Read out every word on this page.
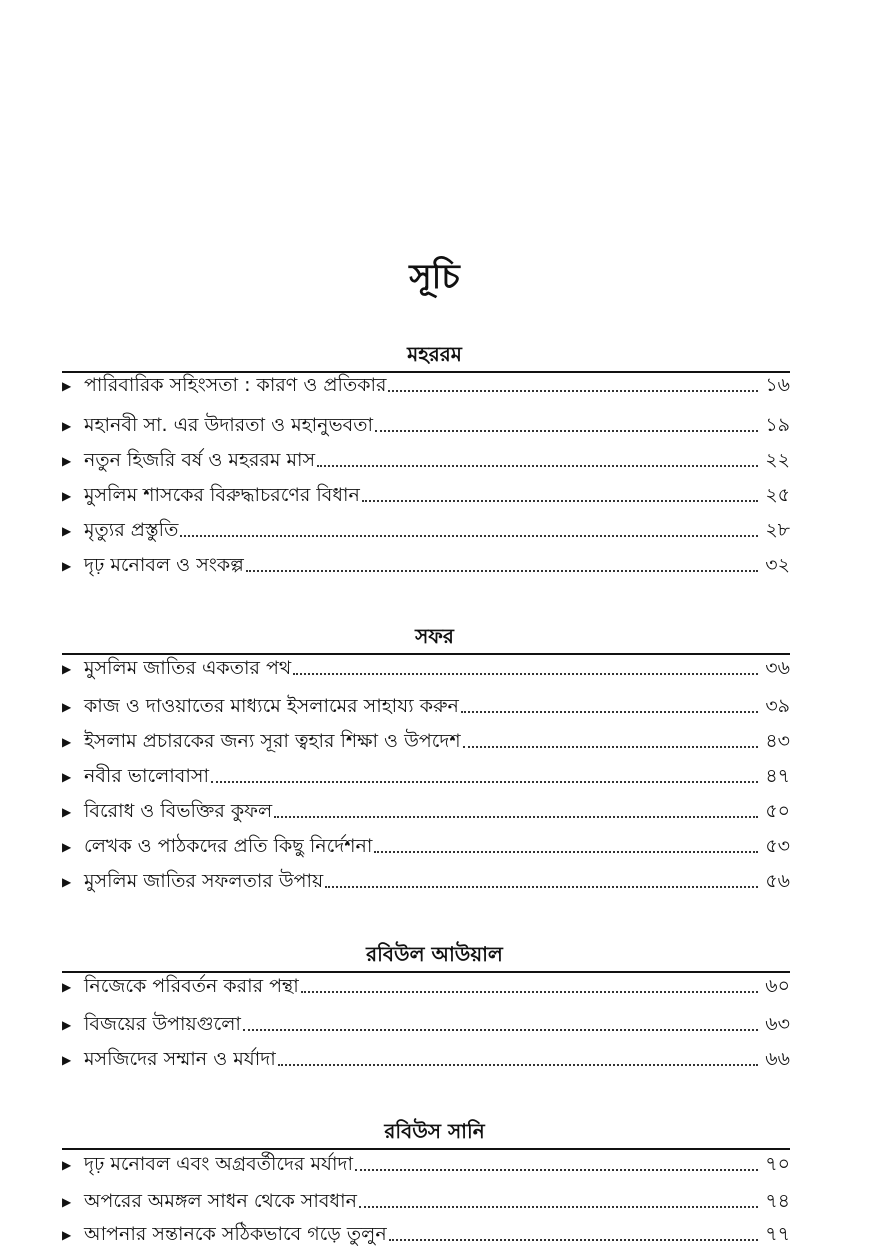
সূচি
মহররম
▶ পারিবারিক সহিংসতা : কারণ ও প্রতিকার	১৬
▶ মহানবী সা. এর উদারতা ও মহানুভবতা	১৯
▶ নতুন হিজরি বর্ষ ও মহররম মাস	২২
▶ মুসলিম শাসকের বিরুদ্ধাচরণের বিধান	২৫
▶ মৃত্যুর প্রস্তুতি	২৮
▶ দৃঢ় মনোবল ও সংকল্প	৩২
সফর
▶ মুসলিম জাতির একতার পথ	৩৬
▶ কাজ ও দাওয়াতের মাধ্যমে ইসলামের সাহায্য করুন	৩৯
▶ ইসলাম প্রচারকের জন্য সূরা ত্বহার শিক্ষা ও উপদেশ	৪৩
▶ নবীর ভালোবাসা	৪৭
▶ বিরোধ ও বিভক্তির কুফল	৫০
▶ লেখক ও পাঠকদের প্রতি কিছু নির্দেশনা	৫৩
▶ মুসলিম জাতির সফলতার উপায়	৫৬
রবিউল আউয়াল
▶ নিজেকে পরিবর্তন করার পন্থা	৬০
▶ বিজয়ের উপায়গুলো	৬৩
▶ মসজিদের সম্মান ও মর্যাদা	৬৬
রবিউস সানি
▶ দৃঢ় মনোবল এবং অগ্রবর্তীদের মর্যাদা	৭০
▶ অপরের অমঙ্গল সাধন থেকে সাবধান	৭৪
▶ আপনার সন্তানকে সঠিকভাবে গড়ে তুলুন	৭৭
